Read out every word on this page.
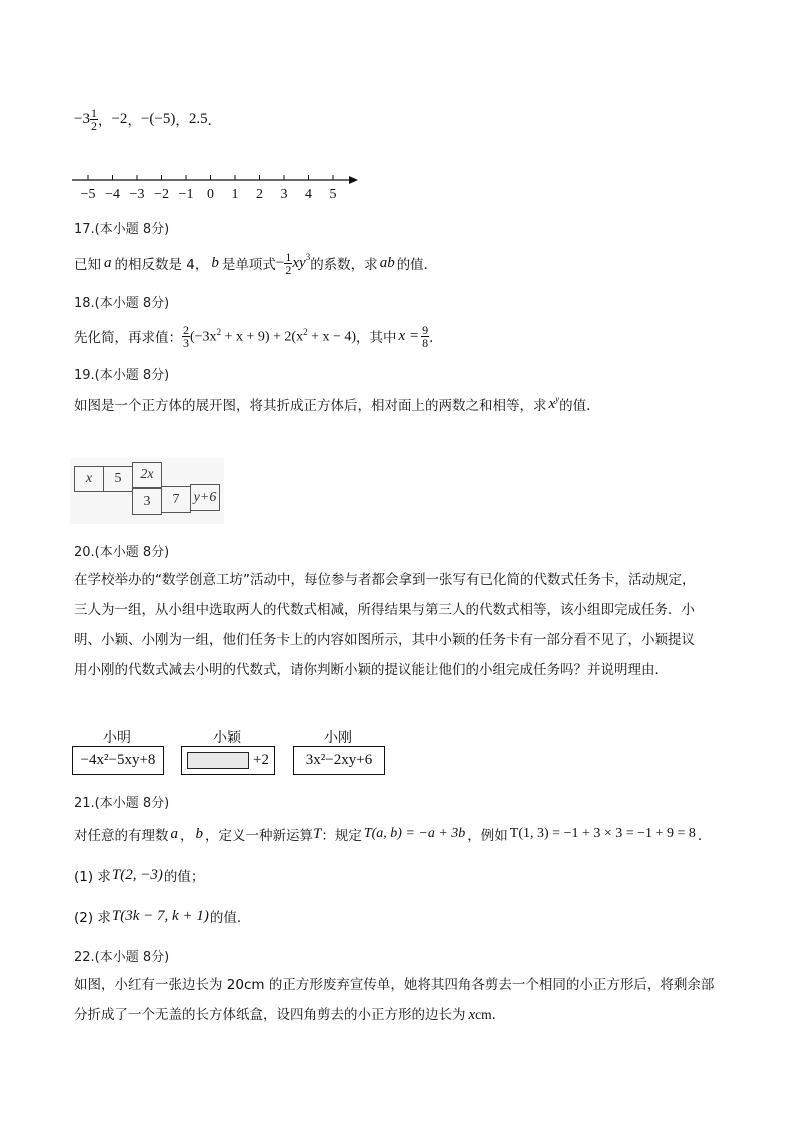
$-3 \frac{1}{2}$ ， −2 ， −(−5) ， 2.5 ．
−5 −4 −3 −2 −1 0 1 2 3 4 5
17.(本小题 8分)
已知 a 的相反数是 4， b 是单项式 − $\frac{1}{2} xy^3$ 的系数，求 ab 的值．
18.(本小题 8分)
先化简，再求值： $\frac{2}{3} (-3x^2 + x + 9) + 2(x^2 + x - 4)$ ，其中 $x = \frac{9}{8}$ ．
19.(本小题 8分)
如图是一个正方体的展开图，将其折成正方体后，相对面上的两数之和相等，求 $x^y$ 的值．
x	5	2x
3	7	y+6
20.(本小题 8分)
在学校举办的“数学创意工坊”活动中，每位参与者都会拿到一张写有已化简的代数式任务卡，活动规定，
三人为一组，从小组中选取两人的代数式相减，所得结果与第三人的代数式相等，该小组即完成任务．小
明、小颖、小刚为一组，他们任务卡上的内容如图所示，其中小颖的任务卡有一部分看不见了，小颖提议
用小刚的代数式减去小明的代数式，请你判断小颖的提议能让他们的小组完成任务吗？并说明理由．
小明
−4x²−5xy+8
小颖
+2
小刚
3x²−2xy+6
21.(本小题 8分)
对任意的有理数 a ， b ，定义一种新运算 T ：规定 T(a, b) = −a + 3b ，例如 T(1, 3) = −1 + 3 × 3 = −1 + 9 = 8 ．
(1) 求 T(2, −3) 的值；
(2) 求 T(3k − 7, k + 1) 的值．
22.(本小题 8分)
如图，小红有一张边长为 20cm 的正方形废弃宣传单，她将其四角各剪去一个相同的小正方形后，将剩余部
分折成了一个无盖的长方体纸盒，设四角剪去的小正方形的边长为 xcm．
